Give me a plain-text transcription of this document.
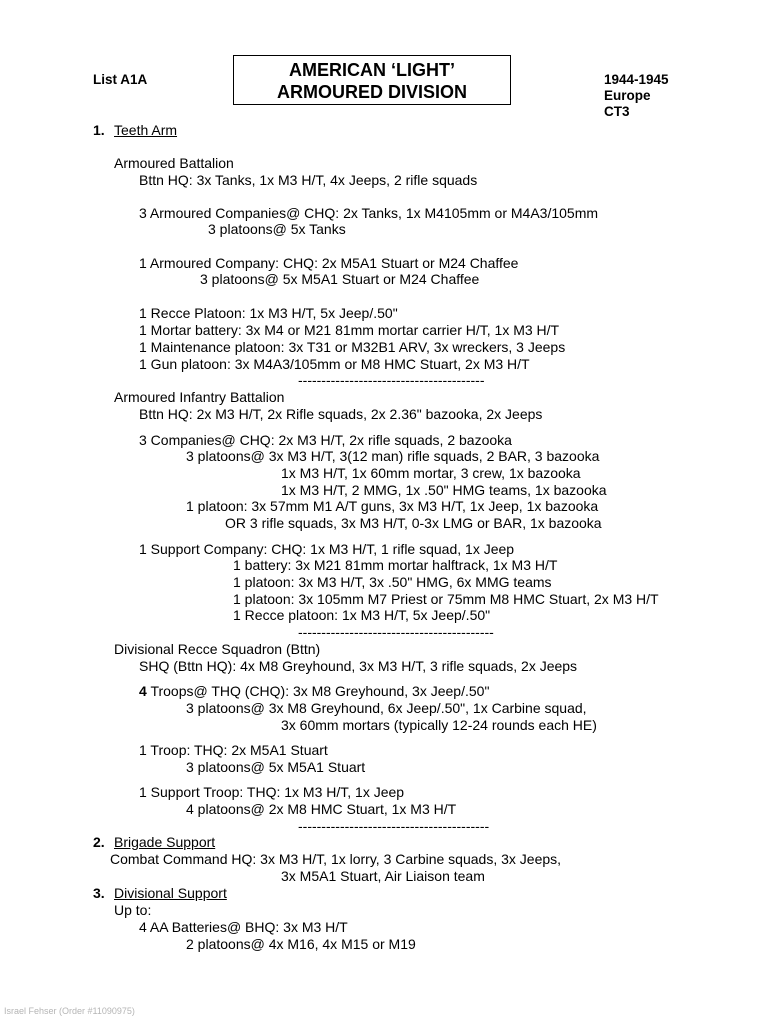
List A1A	AMERICAN ‘LIGHT’
ARMOURED DIVISION
1944-1945
Europe
CT3
1. Teeth Arm
Armoured Battalion
Bttn HQ: 3x Tanks, 1x M3 H/T, 4x Jeeps, 2 rifle squads
3 Armoured Companies@ CHQ: 2x Tanks, 1x M4105mm or M4A3/105mm
3 platoons@ 5x Tanks
1 Armoured Company: CHQ: 2x M5A1 Stuart or M24 Chaffee
3 platoons@ 5x M5A1 Stuart or M24 Chaffee
1 Recce Platoon: 1x M3 H/T, 5x Jeep/.50"
1 Mortar battery: 3x M4 or M21 81mm mortar carrier H/T, 1x M3 H/T
1 Maintenance platoon: 3x T31 or M32B1 ARV, 3x wreckers, 3 Jeeps
1 Gun platoon: 3x M4A3/105mm or M8 HMC Stuart, 2x M3 H/T
----------------------------------------
Armoured Infantry Battalion
Bttn HQ: 2x M3 H/T, 2x Rifle squads, 2x 2.36" bazooka, 2x Jeeps
3 Companies@ CHQ: 2x M3 H/T, 2x rifle squads, 2 bazooka
3 platoons@ 3x M3 H/T, 3(12 man) rifle squads, 2 BAR, 3 bazooka
1x M3 H/T, 1x 60mm mortar, 3 crew, 1x bazooka
1x M3 H/T, 2 MMG, 1x .50" HMG teams, 1x bazooka
1 platoon: 3x 57mm M1 A/T guns, 3x M3 H/T, 1x Jeep, 1x bazooka
OR 3 rifle squads, 3x M3 H/T, 0-3x LMG or BAR, 1x bazooka
1 Support Company: CHQ: 1x M3 H/T, 1 rifle squad, 1x Jeep
1 battery: 3x M21 81mm mortar halftrack, 1x M3 H/T
1 platoon: 3x M3 H/T, 3x .50" HMG, 6x MMG teams
1 platoon: 3x 105mm M7 Priest or 75mm M8 HMC Stuart, 2x M3 H/T
1 Recce platoon: 1x M3 H/T, 5x Jeep/.50"
------------------------------------------
Divisional Recce Squadron (Bttn)
SHQ (Bttn HQ): 4x M8 Greyhound, 3x M3 H/T, 3 rifle squads, 2x Jeeps
4 Troops@ THQ (CHQ): 3x M8 Greyhound, 3x Jeep/.50"
3 platoons@ 3x M8 Greyhound, 6x Jeep/.50", 1x Carbine squad,
3x 60mm mortars (typically 12-24 rounds each HE)
1 Troop: THQ: 2x M5A1 Stuart
3 platoons@ 5x M5A1 Stuart
1 Support Troop: THQ: 1x M3 H/T, 1x Jeep
4 platoons@ 2x M8 HMC Stuart, 1x M3 H/T
-----------------------------------------
2. Brigade Support
Combat Command HQ: 3x M3 H/T, 1x lorry, 3 Carbine squads, 3x Jeeps,
3x M5A1 Stuart, Air Liaison team
3. Divisional Support
Up to:
4 AA Batteries@ BHQ: 3x M3 H/T
2 platoons@ 4x M16, 4x M15 or M19
Israel Fehser (Order #11090975)
